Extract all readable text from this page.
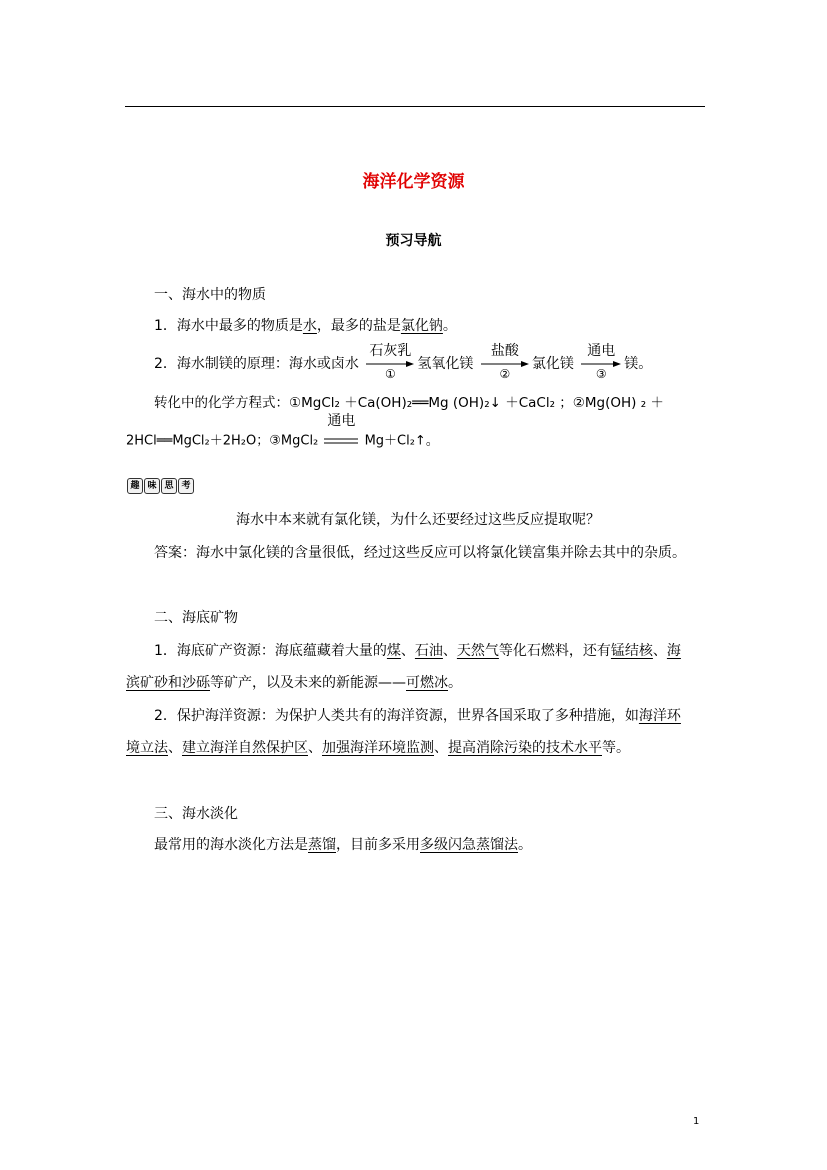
海洋化学资源
预习导航
一、海水中的物质
1．海水中最多的物质是水，最多的盐是氯化钠。
2．海水制镁的原理：海水或卤水
石灰乳
①
氢氧化镁
盐酸
②
氯化镁
通电
③
镁。
转化中的化学方程式：①MgCl₂ ＋Ca(OH)₂══Mg (OH)₂↓ ＋CaCl₂ ；②Mg(OH) ₂ ＋
2HCl══MgCl₂＋2H₂O；③MgCl₂
通电
Mg＋Cl₂↑。
趣 味 思 考
海水中本来就有氯化镁，为什么还要经过这些反应提取呢？
答案：海水中氯化镁的含量很低，经过这些反应可以将氯化镁富集并除去其中的杂质。
二、海底矿物
1．海底矿产资源：海底蕴藏着大量的煤、石油、天然气等化石燃料，还有锰结核、海
滨矿砂和沙砾等矿产，以及未来的新能源——可燃冰。
2．保护海洋资源：为保护人类共有的海洋资源，世界各国采取了多种措施，如海洋环
境立法、建立海洋自然保护区、加强海洋环境监测、提高消除污染的技术水平等。
三、海水淡化
最常用的海水淡化方法是蒸馏，目前多采用多级闪急蒸馏法。
1
